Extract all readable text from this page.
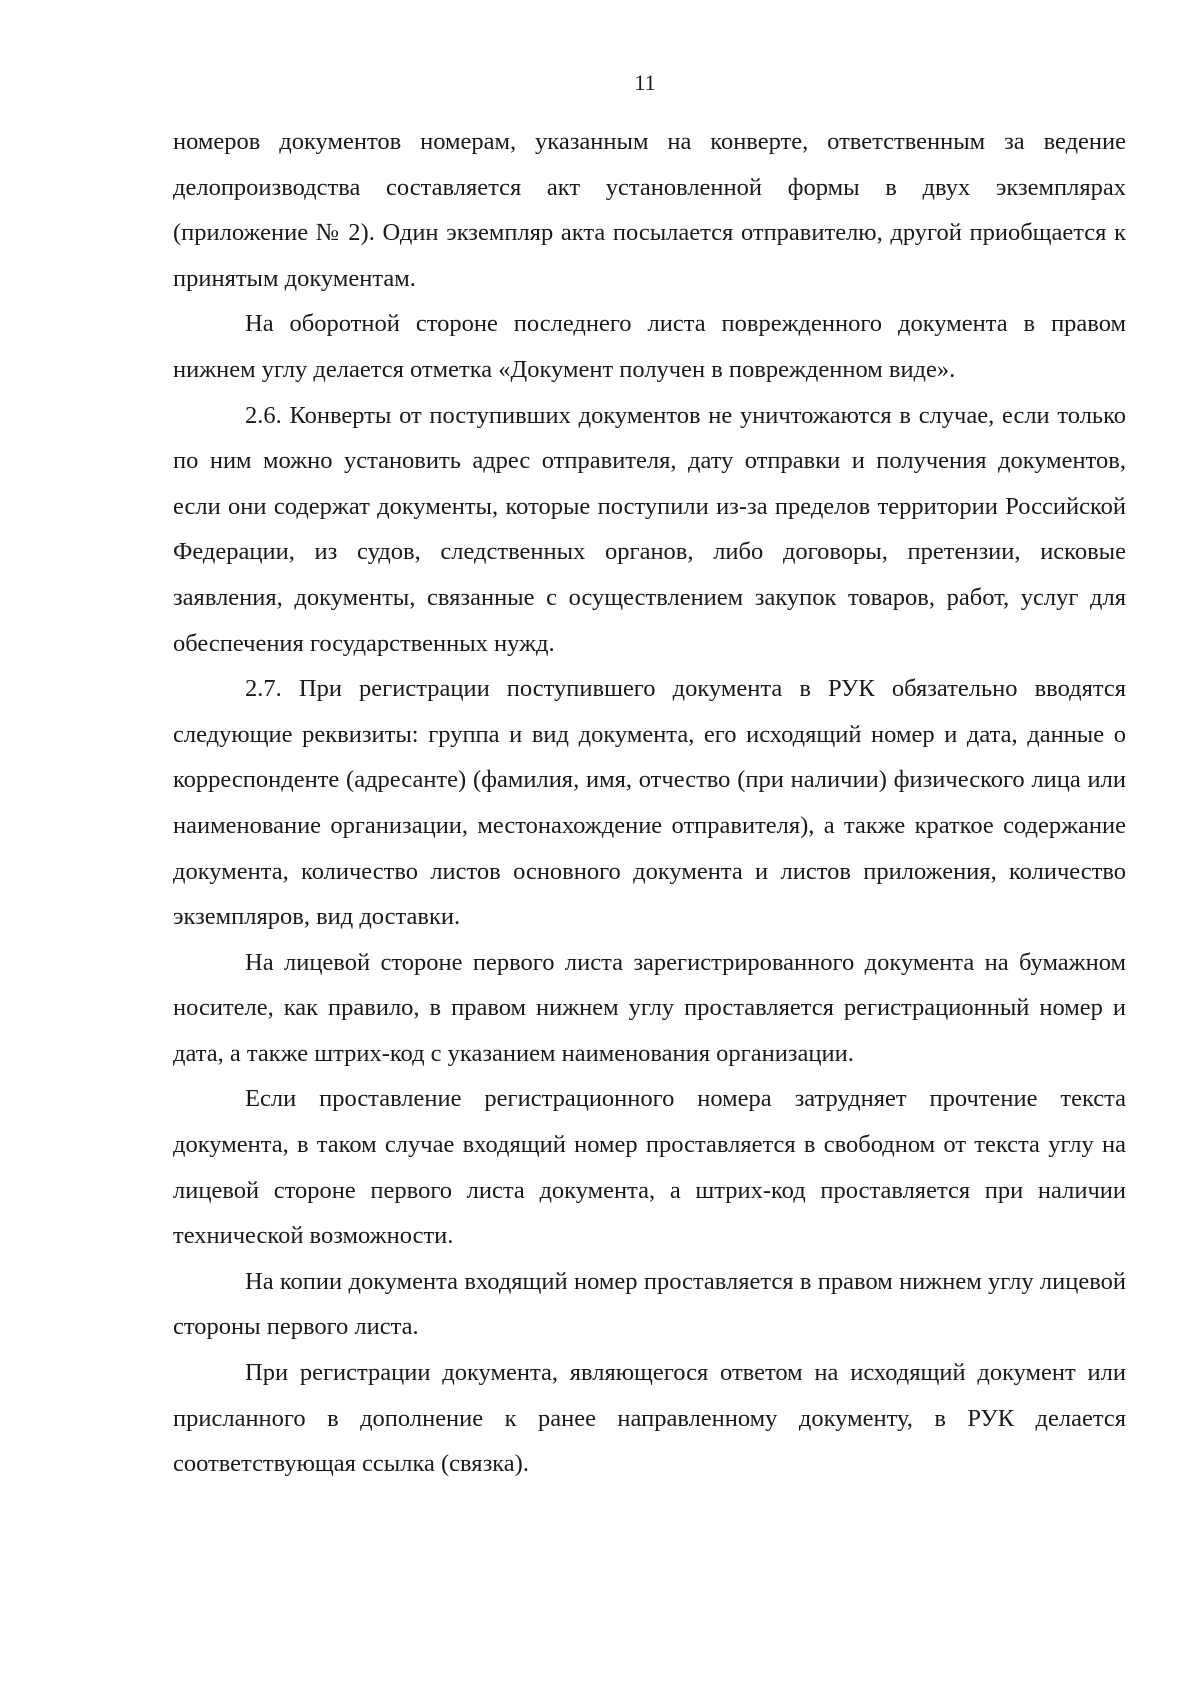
11

номеров документов номерам, указанным на конверте, ответственным за ведение делопроизводства составляется акт установленной формы в двух экземплярах (приложение № 2). Один экземпляр акта посылается отправителю, другой приобщается к принятым документам.

На оборотной стороне последнего листа поврежденного документа в правом нижнем углу делается отметка «Документ получен в поврежденном виде».

2.6. Конверты от поступивших документов не уничтожаются в случае, если только по ним можно установить адрес отправителя, дату отправки и получения документов, если они содержат документы, которые поступили из-за пределов территории Российской Федерации, из судов, следственных органов, либо договоры, претензии, исковые заявления, документы, связанные с осуществлением закупок товаров, работ, услуг для обеспечения государственных нужд.

2.7. При регистрации поступившего документа в РУК обязательно вводятся следующие реквизиты: группа и вид документа, его исходящий номер и дата, данные о корреспонденте (адресанте) (фамилия, имя, отчество (при наличии) физического лица или наименование организации, местонахождение отправителя), а также краткое содержание документа, количество листов основного документа и листов приложения, количество экземпляров, вид доставки.

На лицевой стороне первого листа зарегистрированного документа на бумажном носителе, как правило, в правом нижнем углу проставляется регистрационный номер и дата, а также штрих-код с указанием наименования организации.

Если проставление регистрационного номера затрудняет прочтение текста документа, в таком случае входящий номер проставляется в свободном от текста углу на лицевой стороне первого листа документа, а штрих-код проставляется при наличии технической возможности.

На копии документа входящий номер проставляется в правом нижнем углу лицевой стороны первого листа.

При регистрации документа, являющегося ответом на исходящий документ или присланного в дополнение к ранее направленному документу, в РУК делается соответствующая ссылка (связка).
